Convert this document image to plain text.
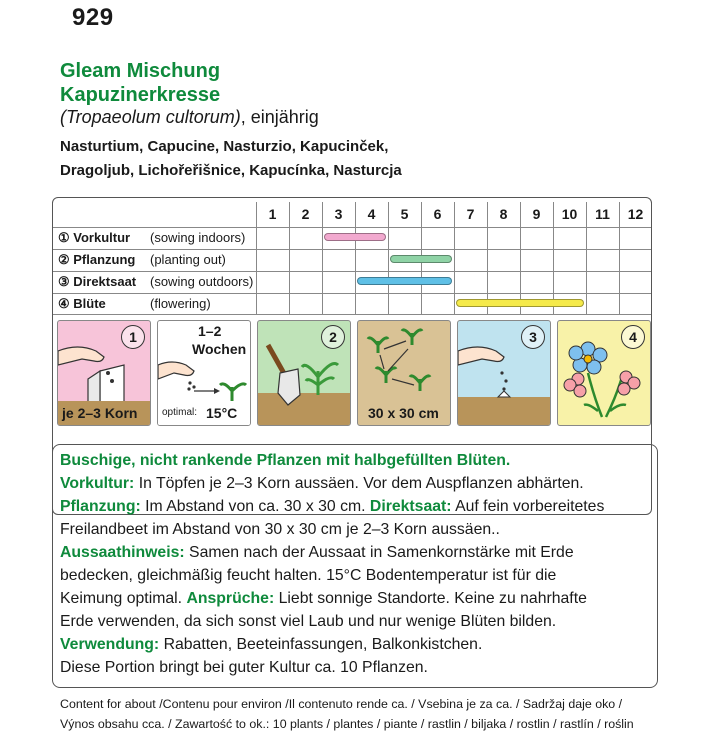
929
Gleam Mischung
Kapuzinerkresse
(Tropaeolum cultorum), einjährig
Nasturtium, Capucine, Nasturzio, Kapucinček,
Dragoljub, Lichořeřišnice, Kapucínka, Nasturcja
1	2	3	4	5	6	7	8	9	10	11	12
① Vorkultur (sowing indoors)
② Pflanzung (planting out)
③ Direktsaat (sowing outdoors)
④ Blüte	(flowering)
1
je 2–3 Korn
1–2
Wochen
optimal: 15°C
2
30 x 30 cm
3	4
Buschige, nicht rankende Pflanzen mit halbgefüllten Blüten.
Vorkultur: In Töpfen je 2–3 Korn aussäen. Vor dem Auspflanzen abhärten.
Pflanzung: Im Abstand von ca. 30 x 30 cm. Direktsaat: Auf fein vorbereitetes
Freilandbeet im Abstand von 30 x 30 cm je 2–3 Korn aussäen..
Aussaathinweis: Samen nach der Aussaat in Samenkornstärke mit Erde
bedecken, gleichmäßig feucht halten. 15°C Bodentemperatur ist für die
Keimung optimal. Ansprüche: Liebt sonnige Standorte. Keine zu nahrhafte
Erde verwenden, da sich sonst viel Laub und nur wenige Blüten bilden.
Verwendung: Rabatten, Beeteinfassungen, Balkonkistchen.
Diese Portion bringt bei guter Kultur ca. 10 Pflanzen.
Content for about /Contenu pour environ /Il contenuto rende ca. / Vsebina je za ca. / Sadržaj daje oko /
Výnos obsahu cca. / Zawartość to ok.: 10 plants / plantes / piante / rastlin / biljaka / rostlin / rastlín / roślin
